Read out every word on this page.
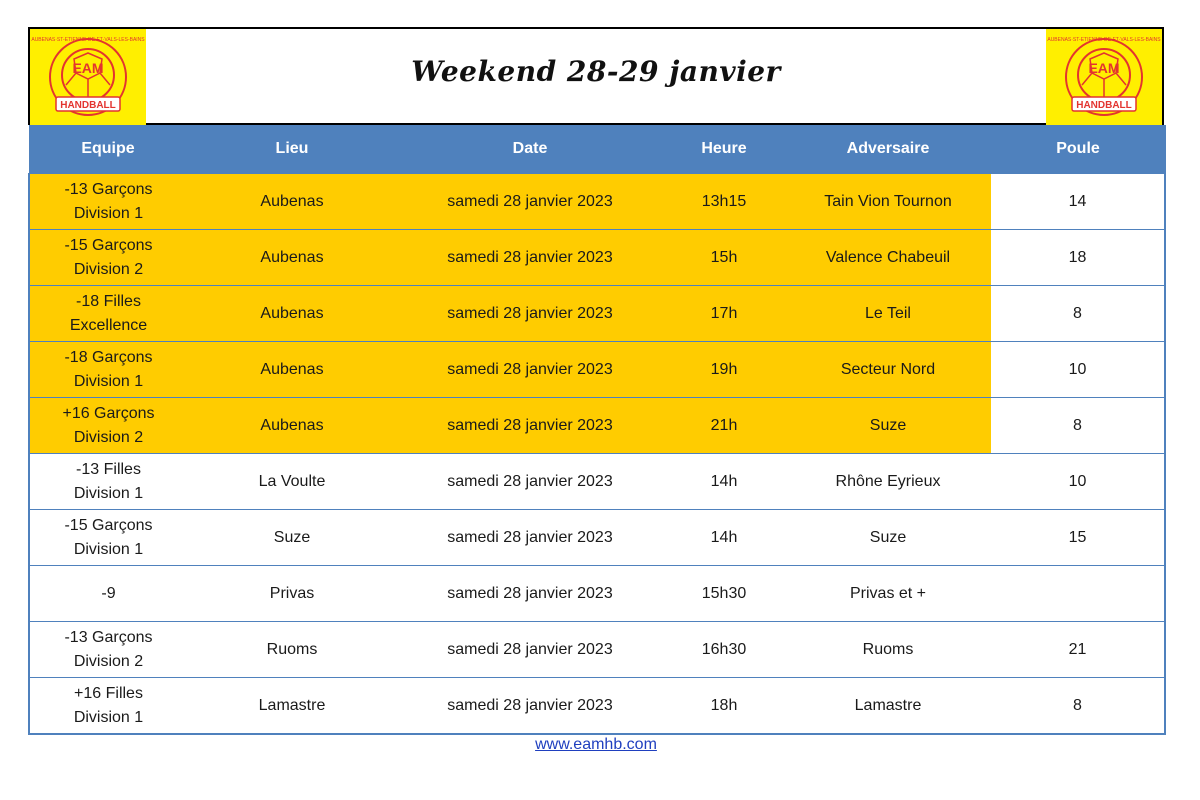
EAM
HANDBALL
AUBENAS·ST-ETIENNE-DE-FT·VALS-LES-BAINS
Weekend 28-29 janvier	EAM
HANDBALL
AUBENAS·ST-ETIENNE-DE-FT·VALS-LES-BAINS
Equipe	Lieu	Date	Heure	Adversaire	Poule

-13 Garçons
Division 1	Aubenas	samedi 28 janvier 2023	13h15	Tain Vion Tournon	14

-15 Garçons
Division 2	Aubenas	samedi 28 janvier 2023	15h	Valence Chabeuil	18

-18 Filles
Excellence	Aubenas	samedi 28 janvier 2023	17h	Le Teil	8

-18 Garçons
Division 1	Aubenas	samedi 28 janvier 2023	19h	Secteur Nord	10

+16 Garçons
Division 2	Aubenas	samedi 28 janvier 2023	21h	Suze	8

-13 Filles
Division 1	La Voulte	samedi 28 janvier 2023	14h	Rhône Eyrieux	10

-15 Garçons
Division 1	Suze	samedi 28 janvier 2023	14h	Suze	15

-9	Privas	samedi 28 janvier 2023	15h30	Privas et +	

-13 Garçons
Division 2	Ruoms	samedi 28 janvier 2023	16h30	Ruoms	21

+16 Filles
Division 1	Lamastre	samedi 28 janvier 2023	18h	Lamastre	8
www.eamhb.com
